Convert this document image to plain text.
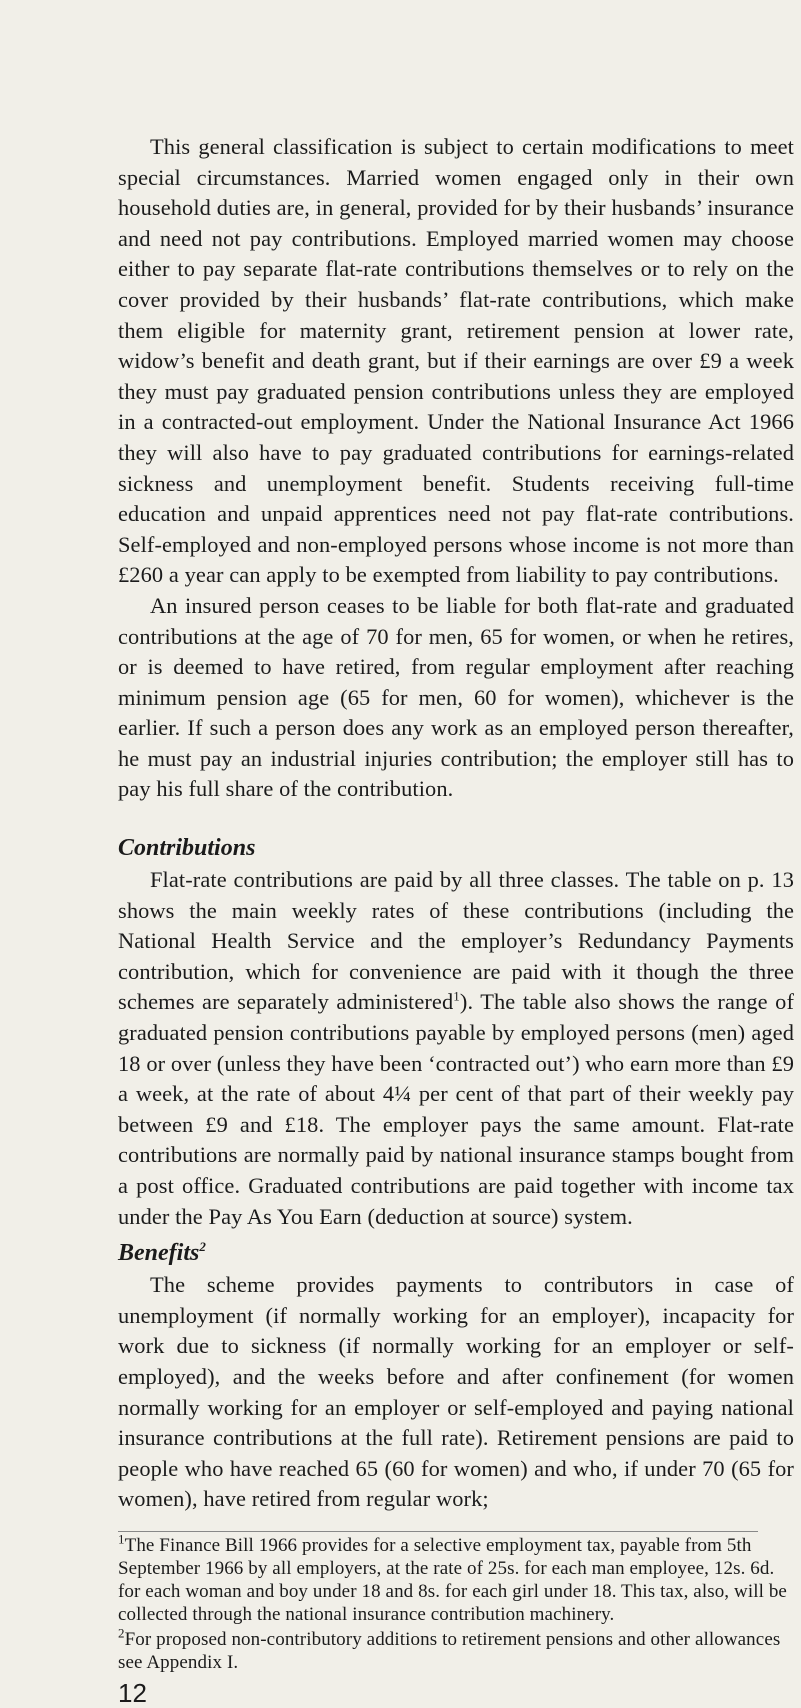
This general classification is subject to certain modifications to meet special circumstances. Married women engaged only in their own household duties are, in general, provided for by their husbands’ insurance and need not pay contributions. Employed married women may choose either to pay separate flat-rate contributions themselves or to rely on the cover provided by their husbands’ flat-rate contributions, which make them eligible for maternity grant, retirement pension at lower rate, widow’s benefit and death grant, but if their earnings are over £9 a week they must pay graduated pension contributions unless they are employed in a contracted-out employment. Under the National Insurance Act 1966 they will also have to pay graduated contributions for earnings-related sickness and unemployment benefit. Students receiving full-time education and unpaid apprentices need not pay flat-rate contributions. Self-employed and non-employed persons whose income is not more than £260 a year can apply to be exempted from liability to pay contributions.

An insured person ceases to be liable for both flat-rate and graduated contributions at the age of 70 for men, 65 for women, or when he retires, or is deemed to have retired, from regular employment after reaching minimum pension age (65 for men, 60 for women), whichever is the earlier. If such a person does any work as an employed person thereafter, he must pay an industrial injuries contribution; the employer still has to pay his full share of the contribution.

Contributions

Flat-rate contributions are paid by all three classes. The table on p. 13 shows the main weekly rates of these contributions (including the National Health Service and the employer’s Redundancy Payments contribution, which for convenience are paid with it though the three schemes are separately administered$^1$). The table also shows the range of graduated pension contributions payable by employed persons (men) aged 18 or over (unless they have been ‘contracted out’) who earn more than £9 a week, at the rate of about 4¼ per cent of that part of their weekly pay between £9 and £18. The employer pays the same amount. Flat-rate contributions are normally paid by national insurance stamps bought from a post office. Graduated contributions are paid together with income tax under the Pay As You Earn (deduction at source) system.

Benefits$^2$

The scheme provides payments to contributors in case of unemployment (if normally working for an employer), incapacity for work due to sickness (if normally working for an employer or self-employed), and the weeks before and after confinement (for women normally working for an employer or self-employed and paying national insurance contributions at the full rate). Retirement pensions are paid to people who have reached 65 (60 for women) and who, if under 70 (65 for women), have retired from regular work;

$^1$The Finance Bill 1966 provides for a selective employment tax, payable from 5th September 1966 by all employers, at the rate of 25s. for each man employee, 12s. 6d. for each woman and boy under 18 and 8s. for each girl under 18. This tax, also, will be collected through the national insurance contribution machinery.

$^2$For proposed non-contributory additions to retirement pensions and other allowances see Appendix I.

12
